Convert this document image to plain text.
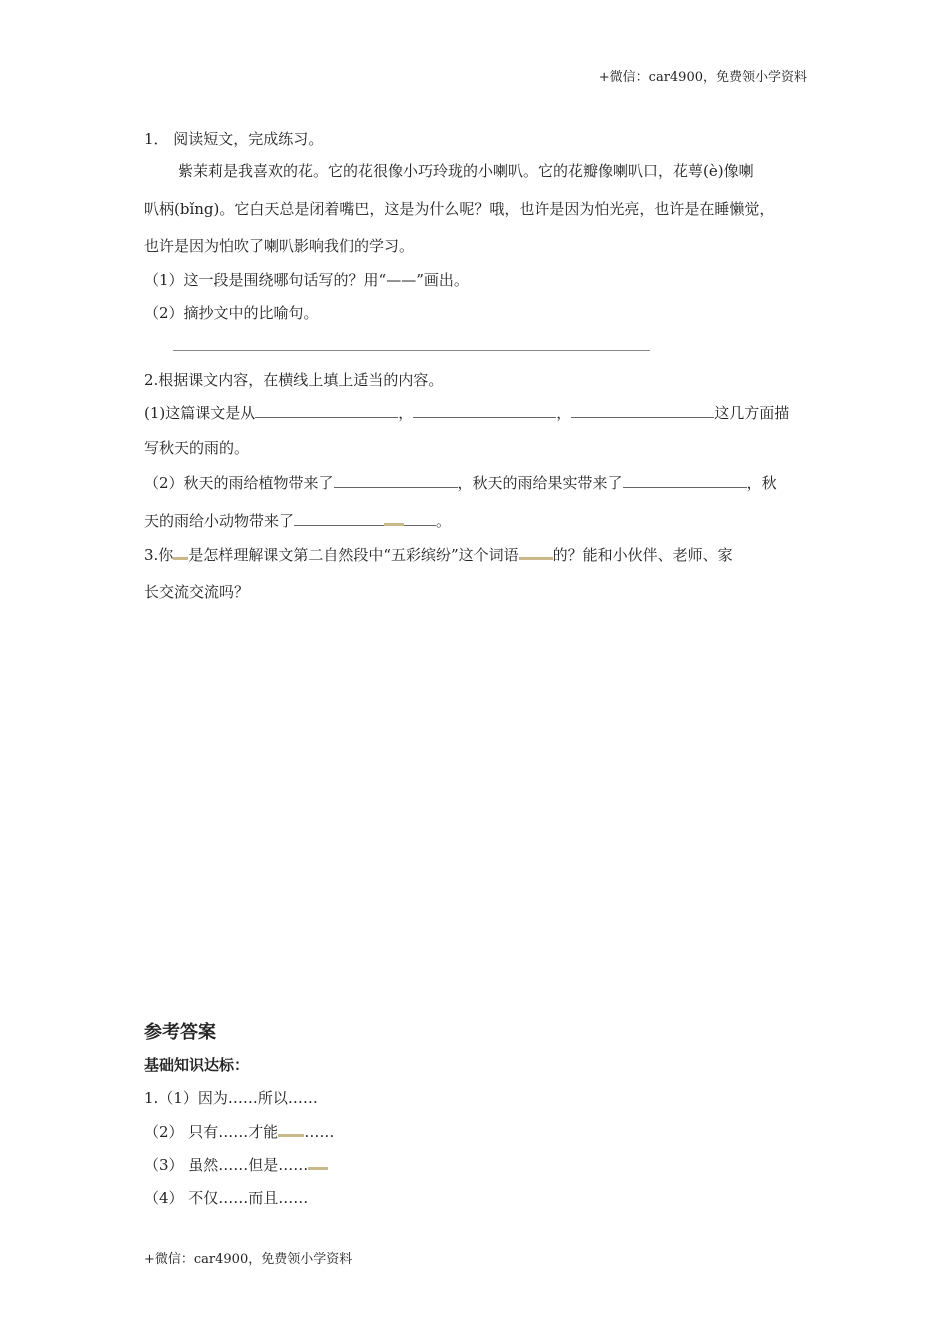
+微信：car4900，免费领小学资料
1． 阅读短文，完成练习。
紫茉莉是我喜欢的花。它的花很像小巧玲珑的小喇叭。它的花瓣像喇叭口，花萼(è)像喇
叭柄(bǐng)。它白天总是闭着嘴巴，这是为什么呢？哦，也许是因为怕光亮，也许是在睡懒觉，
也许是因为怕吹了喇叭影响我们的学习。
（1）这一段是围绕哪句话写的？用“——”画出。
（2）摘抄文中的比喻句。
2.根据课文内容，在横线上填上适当的内容。
(1)这篇课文是从	，	，	这几方面描
写秋天的雨的。
（2）秋天的雨给植物带来了	，秋天的雨给果实带来了	，秋
天的雨给小动物带来了	。
3.你 是怎样理解课文第二自然段中“五彩缤纷”这个词语 的？能和小伙伴、老师、家
长交流交流吗？
参考答案
基础知识达标：
1.（1）因为……所以……
（2） 只有……才能 ……
（3） 虽然……但是……
（4） 不仅……而且……
+微信：car4900，免费领小学资料
